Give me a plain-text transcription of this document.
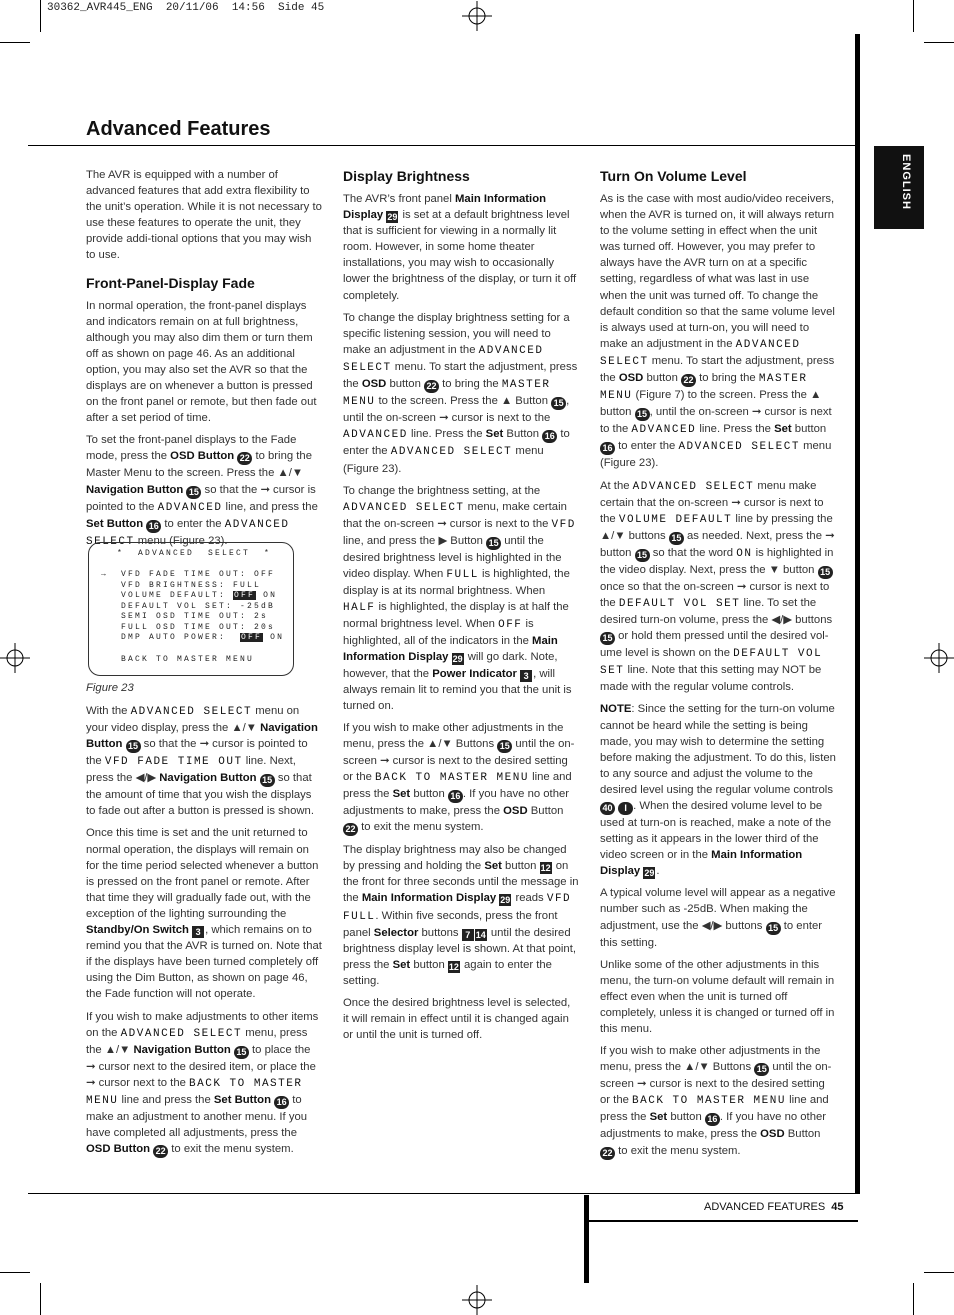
30362_AVR445_ENG  20/11/06  14:56  Side 45
Advanced Features
ENGLISH
ADVANCED FEATURES 45

The AVR is equipped with a number of advanced features that add extra flexibility to the unit’s operation. While it is not necessary to use these features to operate the unit, they provide addi-tional options that you may wish to use.

Front-Panel-Display Fade

In normal operation, the front-panel displays and indicators remain on at full brightness, although you may also dim them or turn them off as shown on page 46. As an additional option, you may also set the AVR so that the displays are on whenever a button is pressed on the front panel or remote, but then fade out after a set period of time.

To set the front-panel displays to the Fade mode, press the OSD Button 22 to bring the Master Menu to the screen. Press the ▲/▼ Navigation Button 15 so that the ➞ cursor is pointed to the ADVANCED line, and press the Set Button 16 to enter the ADVANCED SELECT menu (Figure 23).

*  ADVANCED  SELECT  *
→ VFD FADE TIME OUT: OFF
VFD BRIGHTNESS: FULL
VOLUME DEFAULT: OFF ON
DEFAULT VOL SET: -25dB
SEMI OSD TIME OUT: 2s
FULL OSD TIME OUT: 20s
DMP AUTO POWER: OFF ON
BACK TO MASTER MENU
Figure 23

With the ADVANCED SELECT menu on your video display, press the ▲/▼ Navigation Button 15 so that the ➞ cursor is pointed to the VFD FADE TIME OUT line. Next, press the ◀/▶ Navigation Button 15 so that the amount of time that you wish the displays to fade out after a button is pressed is shown.

Once this time is set and the unit returned to normal operation, the displays will remain on for the time period selected whenever a button is pressed on the front panel or remote. After that time they will gradually fade out, with the exception of the lighting surrounding the Standby/On Switch 3 , which remains on to remind you that the AVR is turned on. Note that if the displays have been turned completely off using the Dim Button, as shown on page 46, the Fade function will not operate.

If you wish to make adjustments to other items on the ADVANCED SELECT menu, press the ▲/▼ Navigation Button 15 to place the ➞ cursor next to the desired item, or place the ➞ cursor next to the BACK TO MASTER MENU line and press the Set Button 16 to make an adjustment to another menu. If you have completed all adjustments, press the OSD Button 22 to exit the menu system.

Display Brightness

The AVR’s front panel Main Information Display 29 is set at a default brightness level that is sufficient for viewing in a normally lit room. However, in some home theater installations, you may wish to occasionally lower the brightness of the display, or turn it off completely.

To change the display brightness setting for a specific listening session, you will need to make an adjustment in the ADVANCED SELECT menu. To start the adjustment, press the OSD button 22 to bring the MASTER MENU to the screen. Press the ▲ Button 15 , until the on-screen ➞ cursor is next to the ADVANCED line. Press the Set Button 16 to enter the ADVANCED SELECT menu (Figure 23).

To change the brightness setting, at the ADVANCED SELECT menu, make certain that the on-screen ➞ cursor is next to the VFD line, and press the ▶ Button 15 until the desired brightness level is highlighted in the video display. When FULL is highlighted, the display is at its normal brightness. When HALF is highlighted, the display is at half the normal brightness level. When OFF is highlighted, all of the indicators in the Main Information Display 29 will go dark. Note, however, that the Power Indicator 3 , will always remain lit to remind you that the unit is turned on.

If you wish to make other adjustments in the menu, press the ▲/▼ Buttons 15 until the on-screen ➞ cursor is next to the desired setting or the BACK TO MASTER MENU line and press the Set button 16 . If you have no other adjustments to make, press the OSD Button 22 to exit the menu system.

The display brightness may also be changed by pressing and holding the Set button 12 on the front for three seconds until the message in the Main Information Display 29 reads VFD FULL. Within five seconds, press the front panel Selector buttons 7 14 until the desired brightness display level is shown. At that point, press the Set button 12 again to enter the setting.

Once the desired brightness level is selected, it will remain in effect until it is changed again or until the unit is turned off.

Turn On Volume Level

As is the case with most audio/video receivers, when the AVR is turned on, it will always return to the volume setting in effect when the unit was turned off. However, you may prefer to always have the AVR turn on at a specific setting, regardless of what was last in use when the unit was turned off. To change the default condition so that the same volume level is always used at turn-on, you will need to make an adjustment in the ADVANCED SELECT menu. To start the adjustment, press the OSD button 22 to bring the MASTER MENU (Figure 7) to the screen. Press the ▲ button 15 , until the on-screen ➞ cursor is next to the ADVANCED line. Press the Set button 16 to enter the ADVANCED SELECT menu (Figure 23).

At the ADVANCED SELECT menu make certain that the on-screen ➞ cursor is next to the VOLUME DEFAULT line by pressing the ▲/▼ buttons 15 as needed. Next, press the ➞ button 15 so that the word ON is highlighted in the video display. Next, press the ▼ button 15 once so that the on-screen ➞ cursor is next to the DEFAULT VOL SET line. To set the desired turn-on volume, press the ◀/▶ buttons 15 or hold them pressed until the desired vol-ume level is shown on the DEFAULT VOL SET line. Note that this setting may NOT be made with the regular volume controls.

NOTE: Since the setting for the turn-on volume cannot be heard while the setting is being made, you may wish to determine the setting before making the adjustment. To do this, listen to any source and adjust the volume to the desired level using the regular volume controls 40 I . When the desired volume level to be used at turn-on is reached, make a note of the setting as it appears in the lower third of the video screen or in the Main Information Display 29 .

A typical volume level will appear as a negative number such as -25dB. When making the adjustment, use the ◀/▶ buttons 15 to enter this setting.

Unlike some of the other adjustments in this menu, the turn-on volume default will remain in effect even when the unit is turned off completely, unless it is changed or turned off in this menu.

If you wish to make other adjustments in the menu, press the ▲/▼ Buttons 15 until the on-screen ➞ cursor is next to the desired setting or the BACK TO MASTER MENU line and press the Set button 16 . If you have no other adjustments to make, press the OSD Button 22 to exit the menu system.
